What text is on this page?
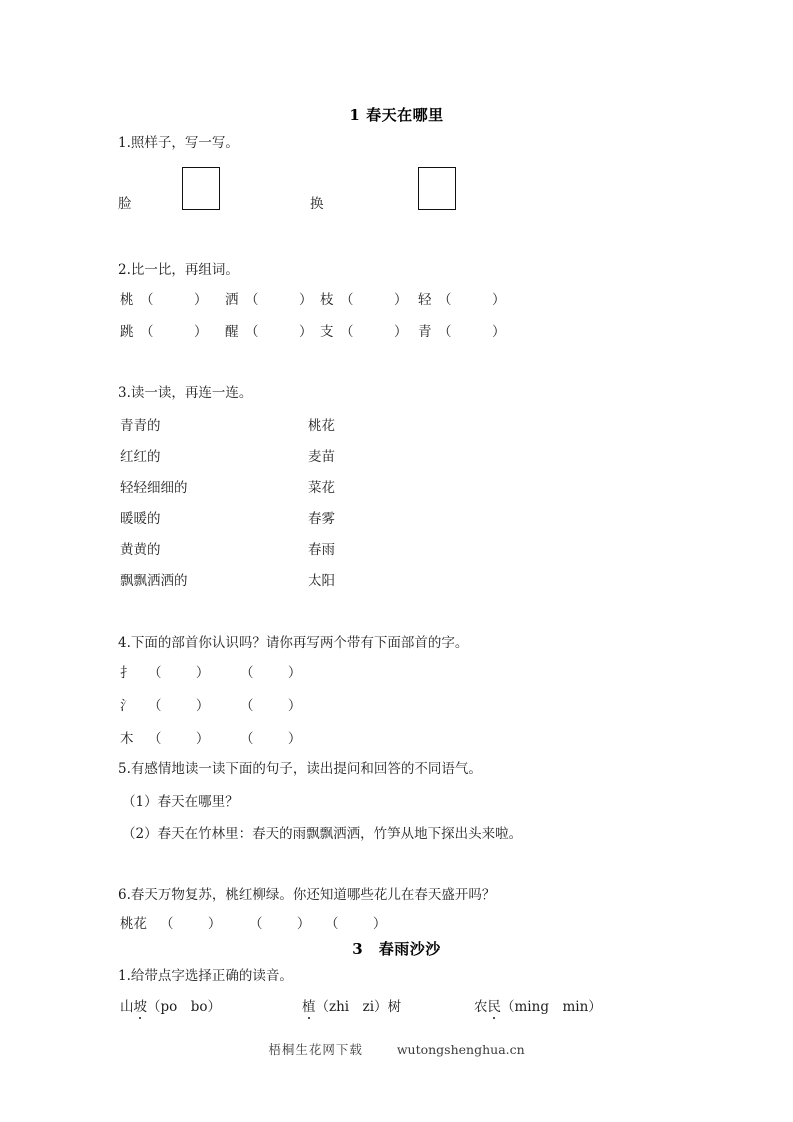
1 春天在哪里
1.照样子，写一写。
脸	换
2.比一比，再组词。
桃 （　　　） 洒 （　　　） 枝 （　　　） 轻 （　　　）
跳 （　　　） 醒 （　　　） 支 （　　　） 青 （　　　）
3.读一读，再连一连。
青青的	桃花
红红的	麦苗
轻轻细细的	菜花
暖暖的	春雾
黄黄的	春雨
飘飘洒洒的	太阳
4.下面的部首你认识吗？请你再写两个带有下面部首的字。
扌 （        ） （        ）
氵 （        ） （        ）
木 （        ） （        ）
5.有感情地读一读下面的句子，读出提问和回答的不同语气。
（1）春天在哪里？
（2）春天在竹林里：春天的雨飘飘洒洒，竹笋从地下探出头来啦。
6.春天万物复苏，桃红柳绿。你还知道哪些花儿在春天盛开吗？
桃花 （        ） （        ） （        ）
3　春雨沙沙
1.给带点字选择正确的读音。
山坡（po　bo）	植（zhi　zi）树	农民（ming　min）
梧桐生花网下载	wutongshenghua.cn
